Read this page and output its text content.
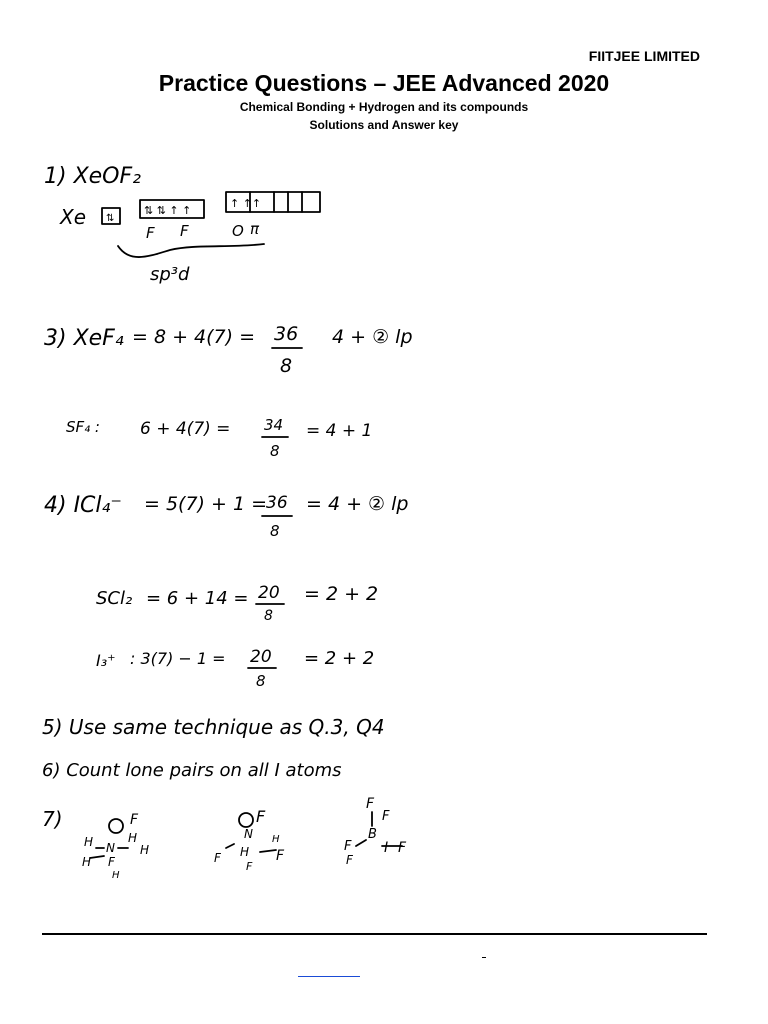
FIITJEE LIMITED
Practice Questions – JEE Advanced 2020
Chemical Bonding + Hydrogen and its compounds
Solutions and Answer key
1) XeOF₂
Xe ⇅
⇅ ⇅ ↑ ↑
↑ ↑↑
F F	O π
sp³d
3) XeF₄ = 8 + 4(7) = 36
8
4 + ② lp
SF₄ : 6 + 4(7) = 34
8
= 4 + 1
4) ICl₄⁻ = 5(7) + 1 =
36
8
= 4 + ② lp
SCl₂ = 6 + 14 = 20
8
= 2 + 2
I₃⁺ : 3(7) − 1 = 20
8
= 2 + 2
5) Use same technique as Q.3, Q4
6) Count lone pairs on all I atoms
7)	F
H
H N H
H F
H
F
N H
H
F	F
F
F
F
B
F I F
F
